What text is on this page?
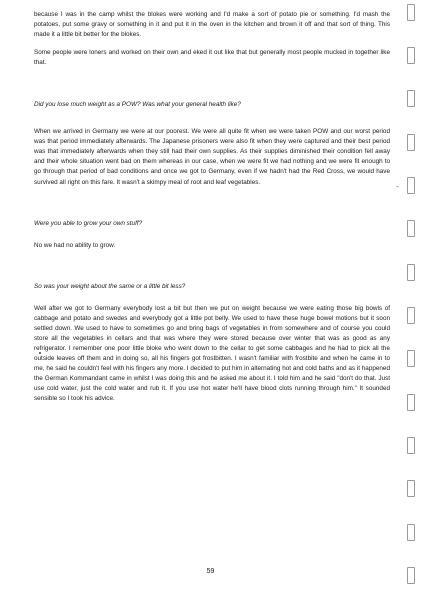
because I was in the camp whilst the blokes were working and I'd make a sort of potato pie or something. I'd mash the potatoes, put some gravy or something in it and put it in the oven in the kitchen and brown it off and that sort of thing. This made it a little bit better for the blokes.

Some people were loners and worked on their own and eked it out like that but generally most people mucked in together like that.

Did you lose much weight as a POW? Was what your general health like?

When we arrived in Germany we were at our poorest. We were all quite fit when we were taken POW and our worst period was that period immediately afterwards. The Japanese prisoners were also fit when they were captured and their best period was that immediately afterwards when they still had their own supplies. As their supplies diminished their condition fell away and their whole situation went bad on them whereas in our case, when we were fit we had nothing and we were fit enough to go through that period of bad conditions and once we got to Germany, even if we hadn't had the Red Cross, we would have survived all right on this fare. It wasn't a skimpy meal of root and leaf vegetables.

Were you able to grow your own stuff?

No we had no ability to grow.

So was your weight about the same or a little bit less?

Well after we got to Germany everybody lost a bit but then we put on weight because we were eating those big bowls of cabbage and potato and swedes and everybody got a little pot belly. We used to have these huge bowel motions but it soon settled down. We used to have to sometimes go and bring bags of vegetables in from somewhere and of course you could store all the vegetables in cellars and that was where they were stored because over winter that was as good as any refrigerator. I remember one poor little bloke who went down to the cellar to get some cabbages and he had to pick all the outside leaves off them and in doing so, all his fingers got frostbitten. I wasn't familiar with frostbite and when he came in to me, he said he couldn't feel with his fingers any more. I decided to put him in alternating hot and cold baths and as it happened the German Kommandant came in whilst I was doing this and he asked me about it. I told him and he said "don't do that. Just use cold water, just the cold water and rub it. If you use hot water he'll have blood clots running through him." It sounded sensible so I took his advice.

59
-
